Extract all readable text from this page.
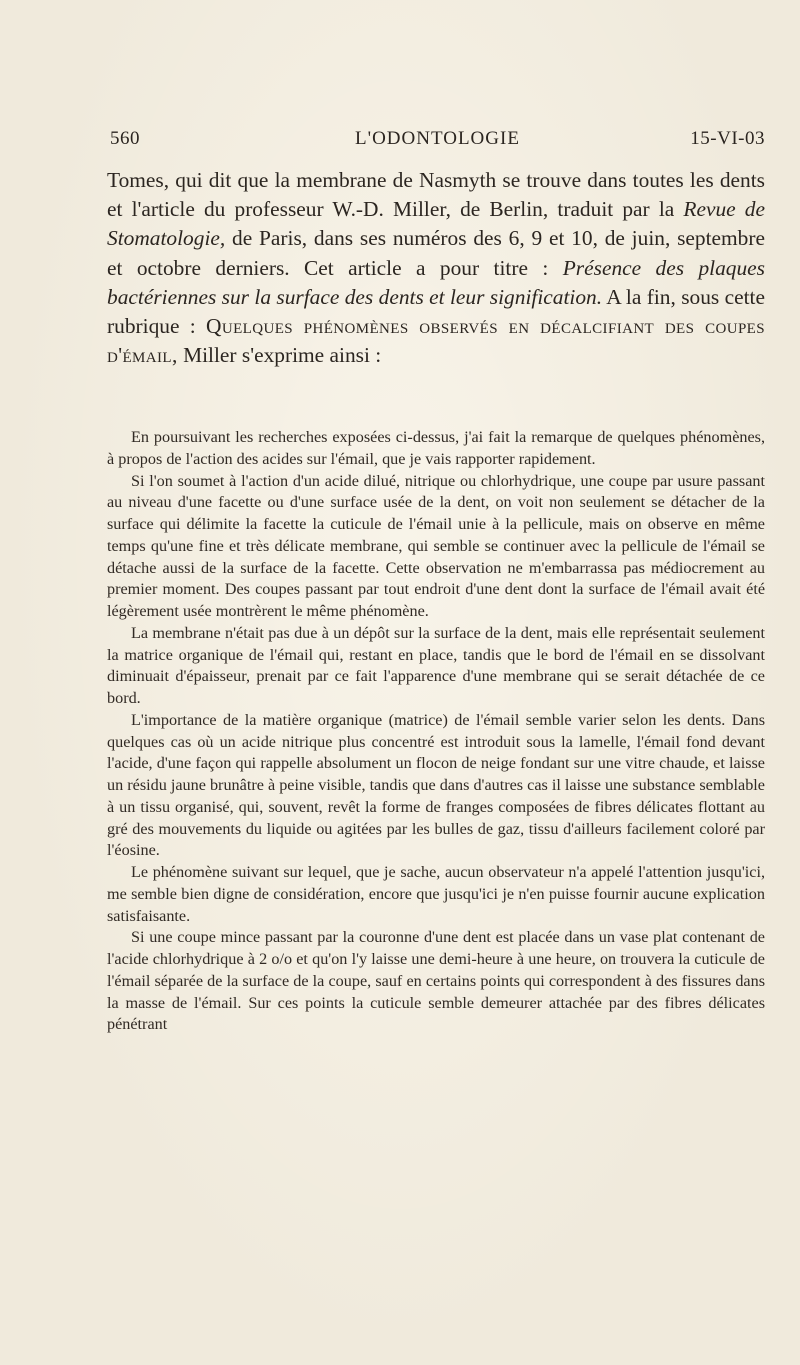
560	L'ODONTOLOGIE	15-VI-03

Tomes, qui dit que la membrane de Nasmyth se trouve dans toutes les dents et l'article du professeur W.-D. Miller, de Berlin, traduit par la Revue de Stomatologie, de Paris, dans ses numéros des 6, 9 et 10, de juin, septembre et octobre derniers. Cet article a pour titre : Présence des plaques bactériennes sur la surface des dents et leur signification. A la fin, sous cette rubrique : Quelques phénomènes observés en décalcifiant des coupes d'émail, Miller s'exprime ainsi :

En poursuivant les recherches exposées ci-dessus, j'ai fait la remarque de quelques phénomènes, à propos de l'action des acides sur l'émail, que je vais rapporter rapidement.

Si l'on soumet à l'action d'un acide dilué, nitrique ou chlorhydrique, une coupe par usure passant au niveau d'une facette ou d'une surface usée de la dent, on voit non seulement se détacher de la surface qui délimite la facette la cuticule de l'émail unie à la pellicule, mais on observe en même temps qu'une fine et très délicate membrane, qui semble se continuer avec la pellicule de l'émail se détache aussi de la surface de la facette. Cette observation ne m'embarrassa pas médiocrement au premier moment. Des coupes passant par tout endroit d'une dent dont la surface de l'émail avait été légèrement usée montrèrent le même phénomène.

La membrane n'était pas due à un dépôt sur la surface de la dent, mais elle représentait seulement la matrice organique de l'émail qui, restant en place, tandis que le bord de l'émail en se dissolvant diminuait d'épaisseur, prenait par ce fait l'apparence d'une membrane qui se serait détachée de ce bord.

L'importance de la matière organique (matrice) de l'émail semble varier selon les dents. Dans quelques cas où un acide nitrique plus concentré est introduit sous la lamelle, l'émail fond devant l'acide, d'une façon qui rappelle absolument un flocon de neige fondant sur une vitre chaude, et laisse un résidu jaune brunâtre à peine visible, tandis que dans d'autres cas il laisse une substance semblable à un tissu organisé, qui, souvent, revêt la forme de franges composées de fibres délicates flottant au gré des mouvements du liquide ou agitées par les bulles de gaz, tissu d'ailleurs facilement coloré par l'éosine.

Le phénomène suivant sur lequel, que je sache, aucun observateur n'a appelé l'attention jusqu'ici, me semble bien digne de considération, encore que jusqu'ici je n'en puisse fournir aucune explication satisfaisante.

Si une coupe mince passant par la couronne d'une dent est placée dans un vase plat contenant de l'acide chlorhydrique à 2 o/o et qu'on l'y laisse une demi-heure à une heure, on trouvera la cuticule de l'émail séparée de la surface de la coupe, sauf en certains points qui correspondent à des fissures dans la masse de l'émail. Sur ces points la cuticule semble demeurer attachée par des fibres délicates pénétrant
